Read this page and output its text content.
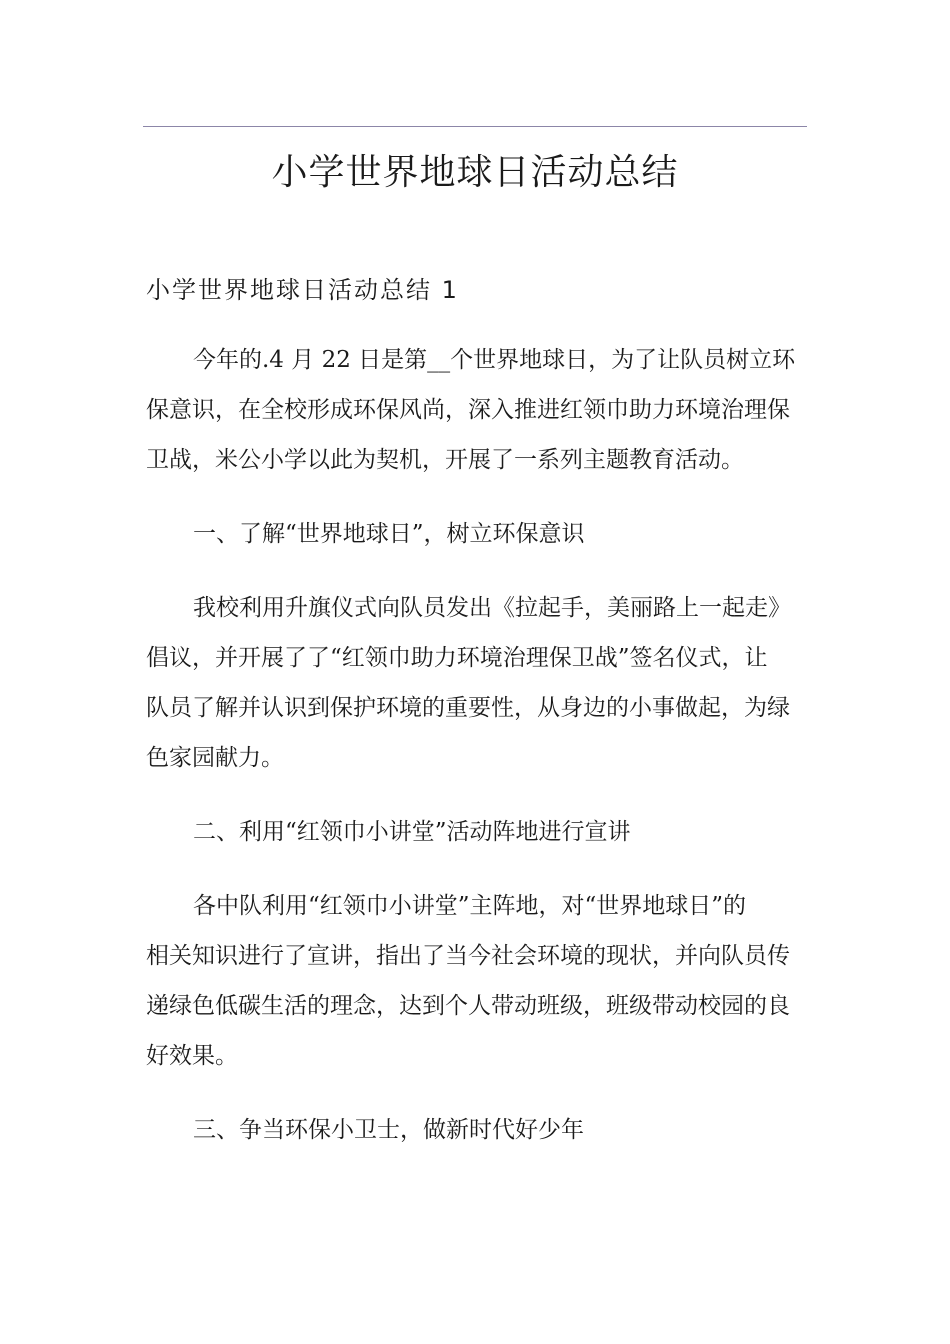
小学世界地球日活动总结
小学世界地球日活动总结 1

今年的.4 月 22 日是第__个世界地球日，为了让队员树立环
保意识，在全校形成环保风尚，深入推进红领巾助力环境治理保
卫战，米公小学以此为契机，开展了一系列主题教育活动。

一、了解“世界地球日”，树立环保意识

我校利用升旗仪式向队员发出《拉起手，美丽路上一起走》
倡议，并开展了了“红领巾助力环境治理保卫战”签名仪式，让
队员了解并认识到保护环境的重要性，从身边的小事做起，为绿
色家园献力。

二、利用“红领巾小讲堂”活动阵地进行宣讲

各中队利用“红领巾小讲堂”主阵地，对“世界地球日”的
相关知识进行了宣讲，指出了当今社会环境的现状，并向队员传
递绿色低碳生活的理念，达到个人带动班级，班级带动校园的良
好效果。

三、争当环保小卫士，做新时代好少年
